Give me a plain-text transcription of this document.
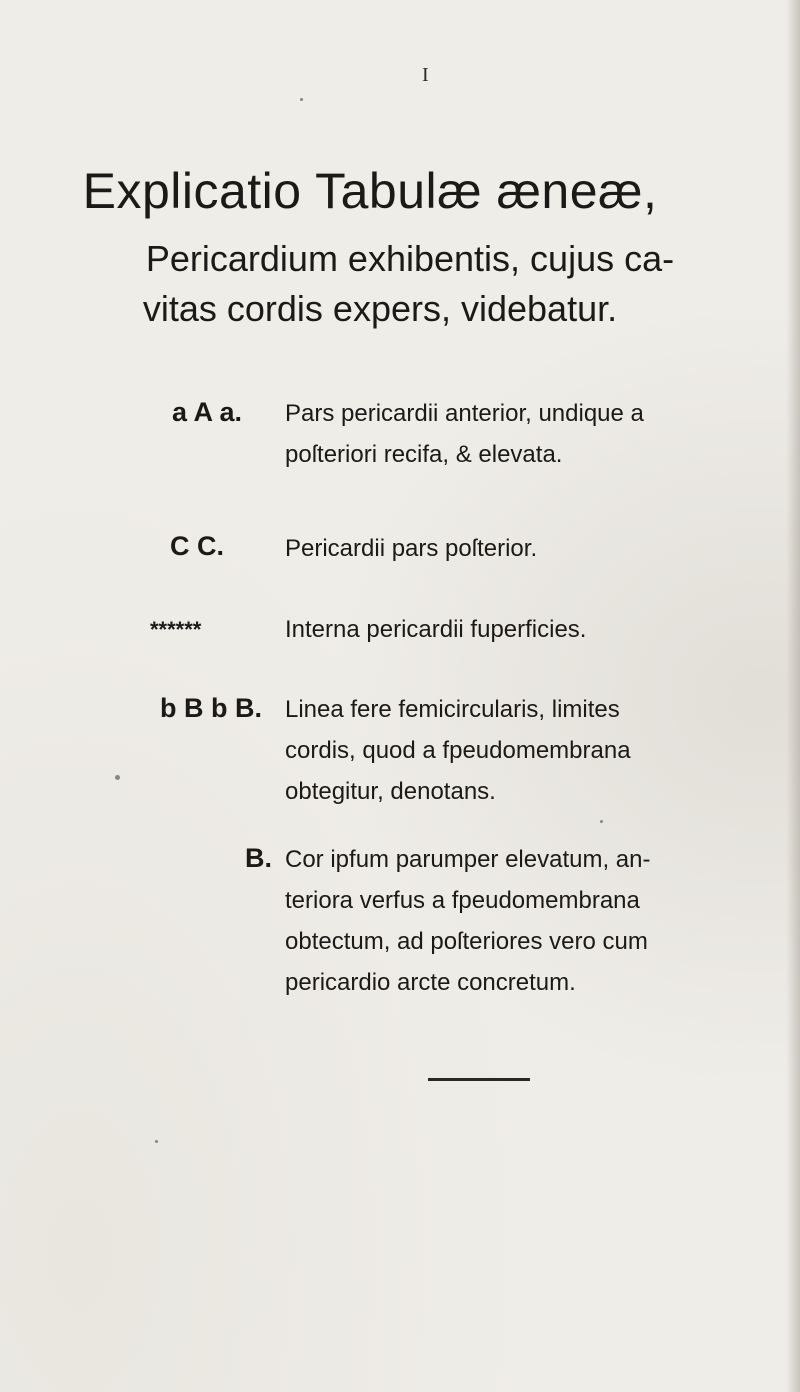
I
Explicatio Tabulæ æneæ,
Pericardium exhibentis, cujus ca-
vitas cordis expers, videbatur.
a A a. Pars pericardii anterior, undique a
poſteriori recifa, & elevata.
C C.	Pericardii pars poſterior.
******	Interna pericardii fuperficies.
b B b B. Linea fere femicircularis, limites
cordis, quod a fpeudomembrana
obtegitur, denotans.
B. Cor ipfum parumper elevatum, an-
teriora verfus a fpeudomembrana
obtectum, ad poſteriores vero cum
pericardio arcte concretum.
